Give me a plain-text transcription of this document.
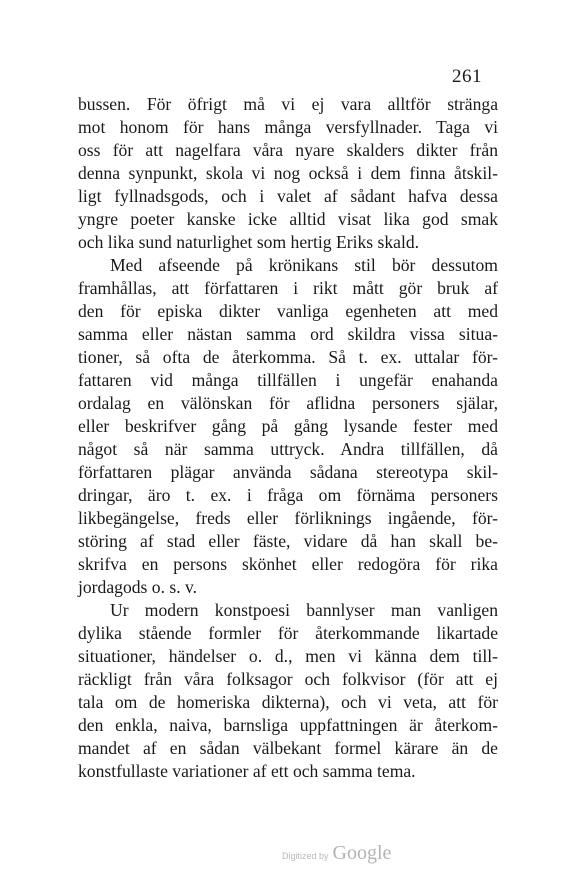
261
bussen. För öfrigt må vi ej vara alltför stränga
mot honom för hans många versfyllnader. Taga vi
oss för att nagelfara våra nyare skalders dikter från
denna synpunkt, skola vi nog också i dem finna åtskil-
ligt fyllnadsgods, och i valet af sådant hafva dessa
yngre poeter kanske icke alltid visat lika god smak
och lika sund naturlighet som hertig Eriks skald.
Med afseende på krönikans stil bör dessutom
framhållas, att författaren i rikt mått gör bruk af
den för episka dikter vanliga egenheten att med
samma eller nästan samma ord skildra vissa situa-
tioner, så ofta de återkomma. Så t. ex. uttalar för-
fattaren vid många tillfällen i ungefär enahanda
ordalag en välönskan för aflidna personers själar,
eller beskrifver gång på gång lysande fester med
något så när samma uttryck. Andra tillfällen, då
författaren plägar använda sådana stereotypa skil-
dringar, äro t. ex. i fråga om förnäma personers
likbegängelse, freds eller förliknings ingående, för-
störing af stad eller fäste, vidare då han skall be-
skrifva en persons skönhet eller redogöra för rika
jordagods o. s. v.
Ur modern konstpoesi bannlyser man vanligen
dylika stående formler för återkommande likartade
situationer, händelser o. d., men vi känna dem till-
räckligt från våra folksagor och folkvisor (för att ej
tala om de homeriska dikterna), och vi veta, att för
den enkla, naiva, barnsliga uppfattningen är återkom-
mandet af en sådan välbekant formel kärare än de
konstfullaste variationer af ett och samma tema.
Digitized by Google
